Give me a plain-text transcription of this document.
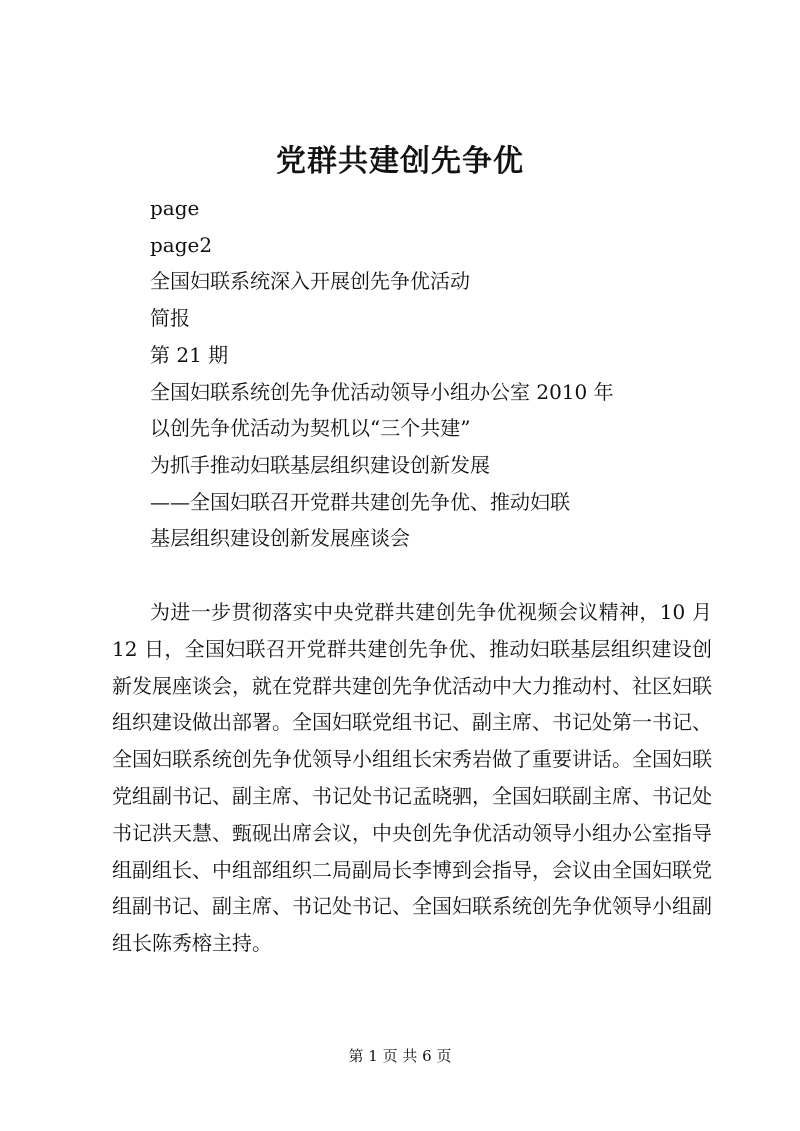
党群共建创先争优
page
page2
全国妇联系统深入开展创先争优活动
简报
第 21 期
全国妇联系统创先争优活动领导小组办公室 2010 年
以创先争优活动为契机以“三个共建”
为抓手推动妇联基层组织建设创新发展
——全国妇联召开党群共建创先争优、推动妇联
基层组织建设创新发展座谈会

为进一步贯彻落实中央党群共建创先争优视频会议精神，10 月 12 日，全国妇联召开党群共建创先争优、推动妇联基层组织建设创新发展座谈会，就在党群共建创先争优活动中大力推动村、社区妇联组织建设做出部署。全国妇联党组书记、副主席、书记处第一书记、全国妇联系统创先争优领导小组组长宋秀岩做了重要讲话。全国妇联党组副书记、副主席、书记处书记孟晓驷，全国妇联副主席、书记处书记洪天慧、甄砚出席会议，中央创先争优活动领导小组办公室指导组副组长、中组部组织二局副局长李博到会指导，会议由全国妇联党组副书记、副主席、书记处书记、全国妇联系统创先争优领导小组副组长陈秀榕主持。

第 1 页 共 6 页
